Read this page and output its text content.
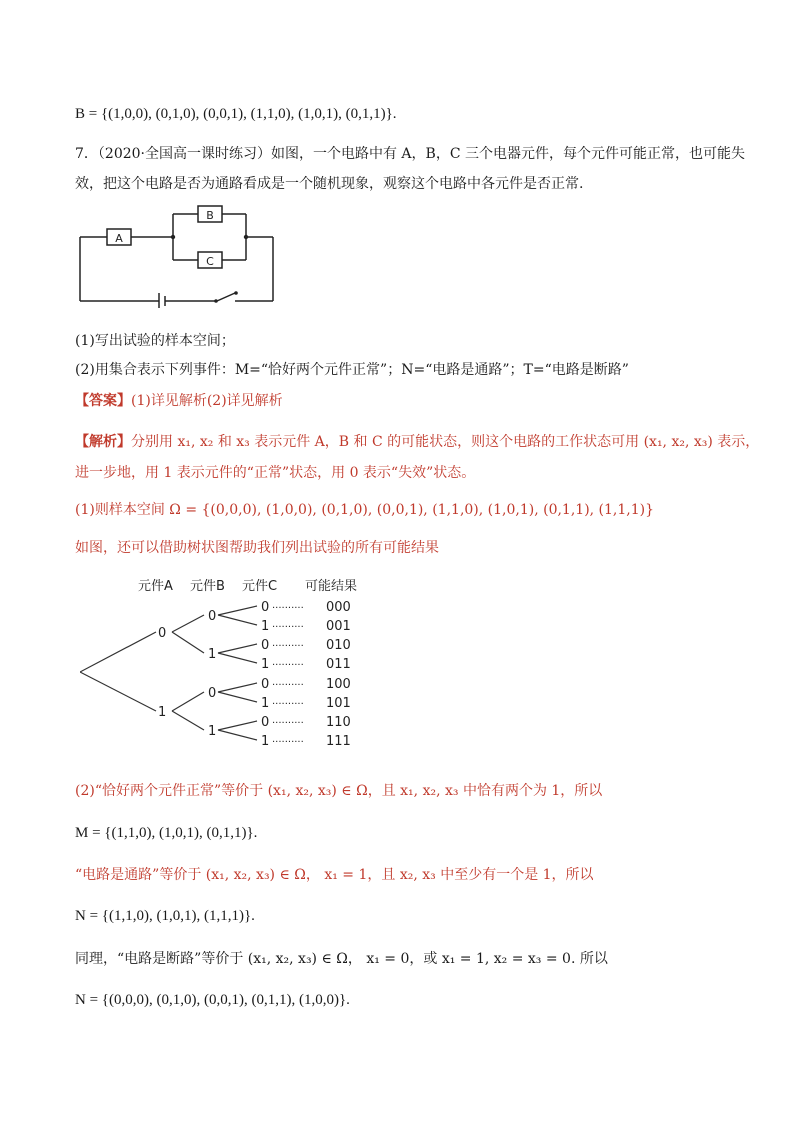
B = {(1,0,0), (0,1,0), (0,0,1), (1,1,0), (1,0,1), (0,1,1)}.
7．（2020·全国高一课时练习）如图，一个电路中有 A，B，C 三个电器元件，每个元件可能正常，也可能失
效，把这个电路是否为通路看成是一个随机现象，观察这个电路中各元件是否正常.
A
B
C
(1)写出试验的样本空间；
(2)用集合表示下列事件：M=“恰好两个元件正常”；N=“电路是通路”；T=“电路是断路”
【答案】(1)详见解析(2)详见解析
【解析】分别用 x₁, x₂ 和 x₃ 表示元件 A，B 和 C 的可能状态，则这个电路的工作状态可用 (x₁, x₂, x₃) 表示，
进一步地，用 1 表示元件的“正常”状态，用 0 表示“失效”状态。
(1)则样本空间 Ω = {(0,0,0), (1,0,0), (0,1,0), (0,0,1), (1,1,0), (1,0,1), (0,1,1), (1,1,1)}
如图，还可以借助树状图帮助我们列出试验的所有可能结果
元件A 元件B 元件C 可能结果
0
1
0
1
0
1
0 ·········· 000
1 ·········· 001
0 ·········· 010
1 ·········· 011
0 ·········· 100
1 ·········· 101
0 ·········· 110
1 ·········· 111
(2)“恰好两个元件正常”等价于 (x₁, x₂, x₃) ∈ Ω，且 x₁, x₂, x₃ 中恰有两个为 1，所以
M = {(1,1,0), (1,0,1), (0,1,1)}.
“电路是通路”等价于 (x₁, x₂, x₃) ∈ Ω， x₁ = 1，且 x₂, x₃ 中至少有一个是 1，所以
N = {(1,1,0), (1,0,1), (1,1,1)}.
同理，“电路是断路”等价于 (x₁, x₂, x₃) ∈ Ω， x₁ = 0，或 x₁ = 1, x₂ = x₃ = 0. 所以
N = {(0,0,0), (0,1,0), (0,0,1), (0,1,1), (1,0,0)}.
